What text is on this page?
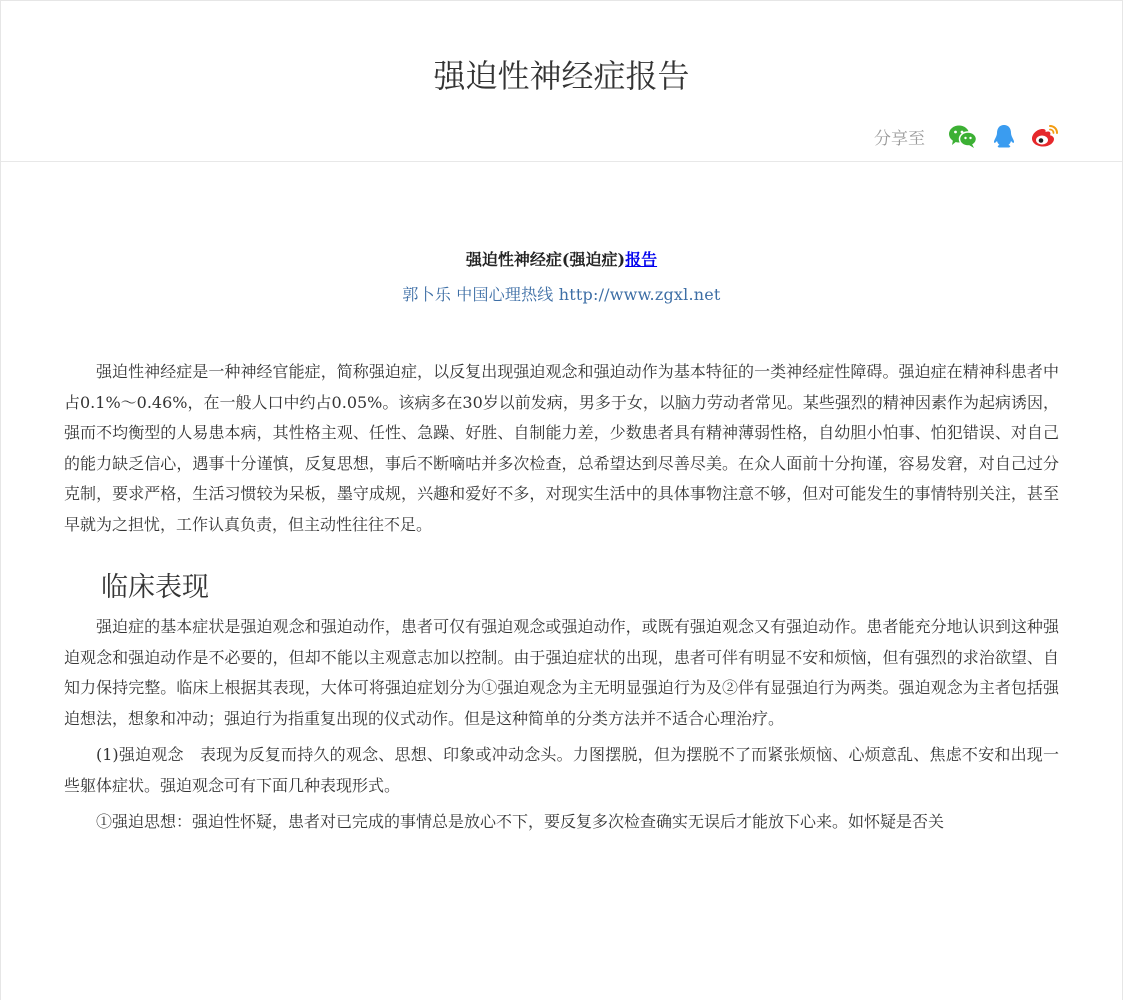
强迫性神经症报告
分享至
强迫性神经症(强迫症)报告
郭卜乐 中国心理热线 http://www.zgxl.net

强迫性神经症是一种神经官能症，简称强迫症，以反复出现强迫观念和强迫动作为基本特征的一类神经症性障碍。强迫症在精神科患者中占0.1%～0.46%，在一般人口中约占0.05%。该病多在30岁以前发病，男多于女，以脑力劳动者常见。某些强烈的精神因素作为起病诱因，强而不均衡型的人易患本病，其性格主观、任性、急躁、好胜、自制能力差，少数患者具有精神薄弱性格，自幼胆小怕事、怕犯错误、对自己的能力缺乏信心，遇事十分谨慎，反复思想，事后不断嘀咕并多次检查，总希望达到尽善尽美。在众人面前十分拘谨，容易发窘，对自己过分克制，要求严格，生活习惯较为呆板，墨守成规，兴趣和爱好不多，对现实生活中的具体事物注意不够，但对可能发生的事情特别关注，甚至早就为之担忧，工作认真负责，但主动性往往不足。

临床表现

强迫症的基本症状是强迫观念和强迫动作，患者可仅有强迫观念或强迫动作，或既有强迫观念又有强迫动作。患者能充分地认识到这种强迫观念和强迫动作是不必要的，但却不能以主观意志加以控制。由于强迫症状的出现，患者可伴有明显不安和烦恼，但有强烈的求治欲望、自知力保持完整。临床上根据其表现，大体可将强迫症划分为①强迫观念为主无明显强迫行为及②伴有显强迫行为两类。强迫观念为主者包括强迫想法，想象和冲动；强迫行为指重复出现的仪式动作。但是这种简单的分类方法并不适合心理治疗。

(1)强迫观念　表现为反复而持久的观念、思想、印象或冲动念头。力图摆脱，但为摆脱不了而紧张烦恼、心烦意乱、焦虑不安和出现一些躯体症状。强迫观念可有下面几种表现形式。

①强迫思想：强迫性怀疑，患者对已完成的事情总是放心不下，要反复多次检查确实无误后才能放下心来。如怀疑是否关
